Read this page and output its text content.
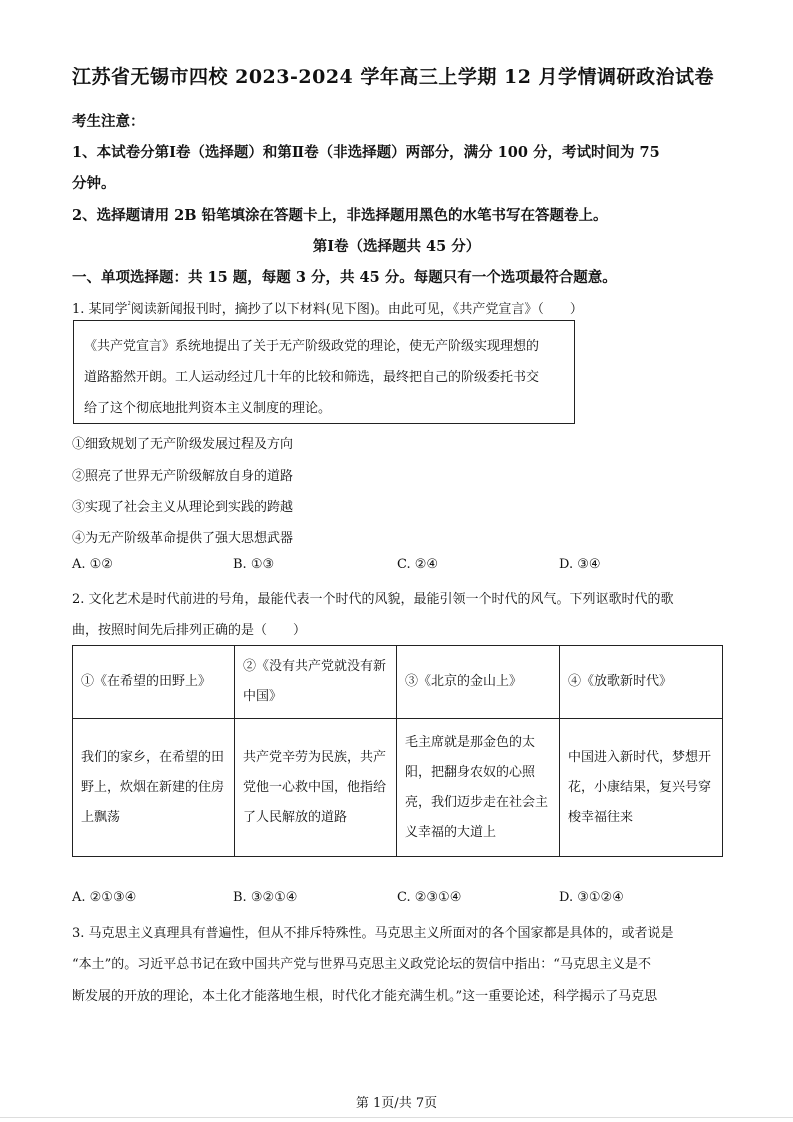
江苏省无锡市四校 2023-2024 学年高三上学期 12 月学情调研政治试卷
考生注意：
1、本试卷分第Ⅰ卷（选择题）和第Ⅱ卷（非选择题）两部分，满分 100 分，考试时间为 75
分钟。
2、选择题请用 2B 铅笔填涂在答题卡上，非选择题用黑色的水笔书写在答题卷上。
第Ⅰ卷（选择题共 45 分）
一、单项选择题：共 15 题，每题 3 分，共 45 分。每题只有一个选项最符合题意。
1. 某同学⁲阅读新闻报刊时，摘抄了以下材料(见下图)。由此可见，《共产党宣言》（　　）
《共产党宣言》系统地提出了关于无产阶级政党的理论，使无产阶级实现理想的
道路豁然开朗。工人运动经过几十年的比较和筛选，最终把自己的阶级委托书交
给了这个彻底地批判资本主义制度的理论。
①细致规划了无产阶级发展过程及方向
②照亮了世界无产阶级解放自身的道路
③实现了社会主义从理论到实践的跨越
④为无产阶级革命提供了强大思想武器
A. ①②	B. ①③	C. ②④	D. ③④
2. 文化艺术是时代前进的号角，最能代表一个时代的风貌，最能引领一个时代的风气。下列讴歌时代的歌
曲，按照时间先后排列正确的是（　　）
①《在希望的田野上》	②《没有共产党就没有新中国》	③《北京的金山上》	④《放歌新时代》
我们的家乡，在希望的田野上，炊烟在新建的住房上飘荡	共产党辛劳为民族，共产党他一心救中国，他指给了人民解放的道路	毛主席就是那金色的太阳，把翻身农奴的心照亮，我们迈步走在社会主义幸福的大道上	中国进入新时代，梦想开花，小康结果，复兴号穿梭幸福往来
A. ②①③④	B. ③②①④	C. ②③①④	D. ③①②④
3. 马克思主义真理具有普遍性，但从不排斥特殊性。马克思主义所面对的各个国家都是具体的，或者说是
“本土”的。习近平总书记在致中国共产党与世界马克思主义政党论坛的贺信中指出：“马克思主义是不
断发展的开放的理论，本土化才能落地生根，时代化才能充满生机。”这一重要论述，科学揭示了马克思
第 1页/共 7页
